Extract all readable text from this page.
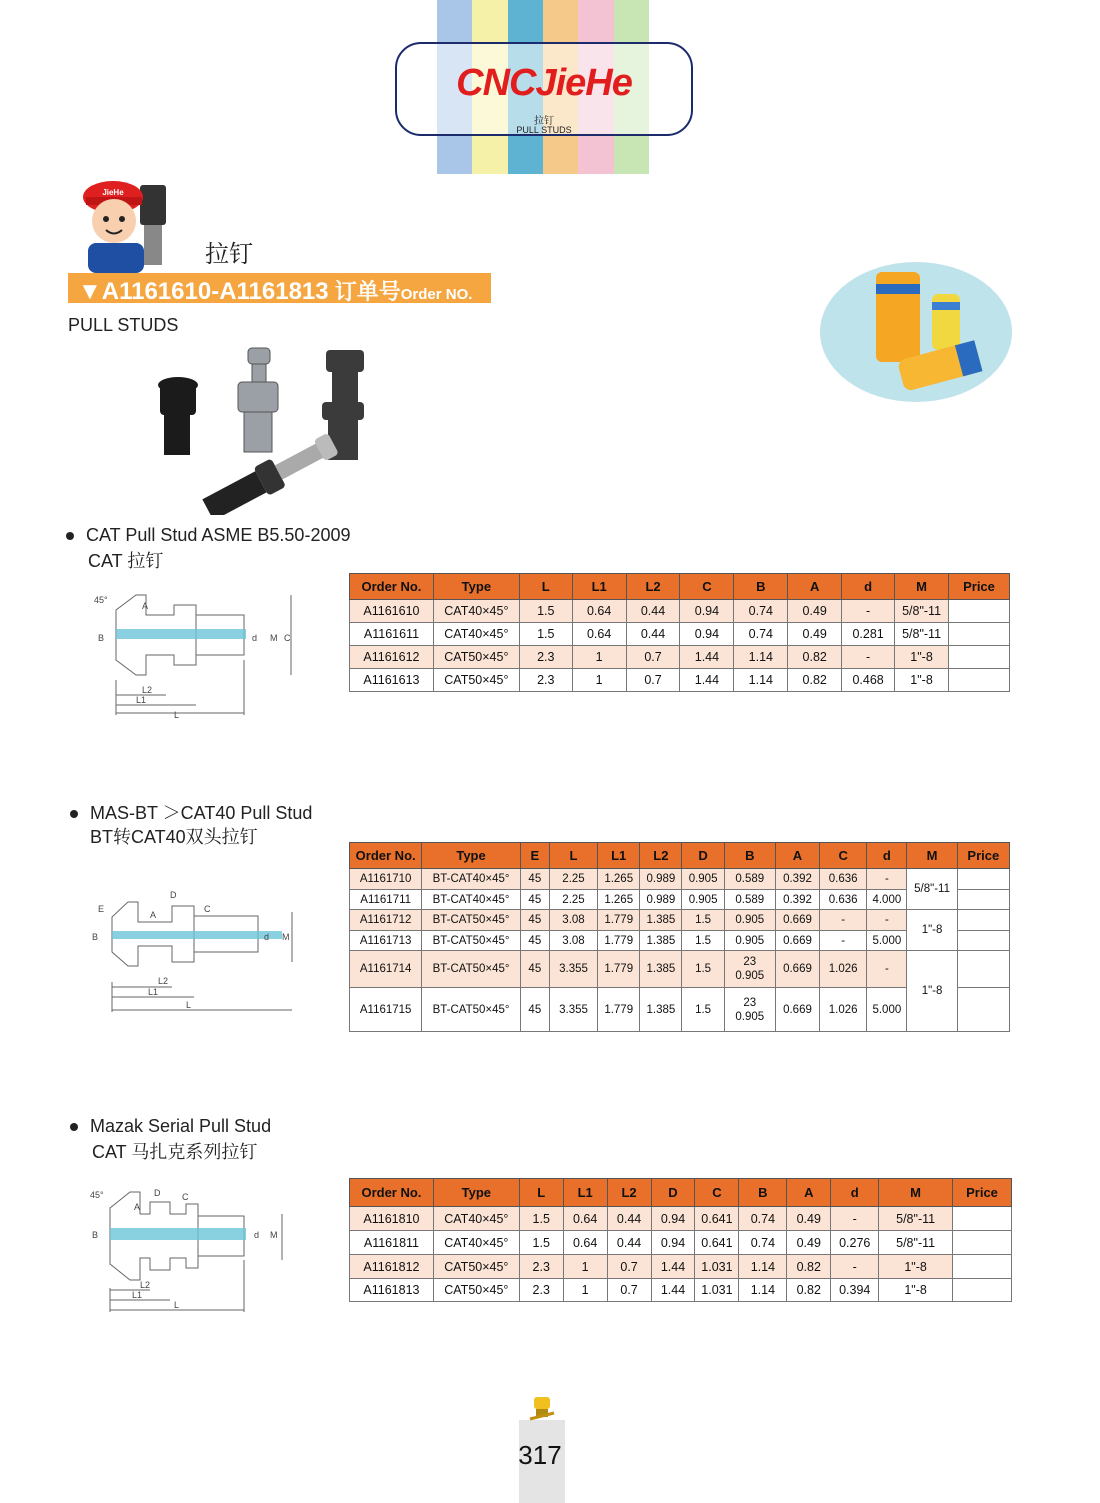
CNCJieHe
拉钉
PULL STUDS
JieHe
拉钉
▼A1161610-A1161813 订单号Order NO.
PULL STUDS
CAT Pull Stud ASME B5.50-2009
CAT 拉钉
45°
B
A
d M C
L2
L1
L
Order No.	Type	L	L1	L2	C	B	A	d	M	Price
A1161610	CAT40×45°	1.5	0.64	0.44	0.94	0.74	0.49	-	5/8"-11	
A1161611	CAT40×45°	1.5	0.64	0.44	0.94	0.74	0.49	0.281	5/8"-11	
A1161612	CAT50×45°	2.3	1	0.7	1.44	1.14	0.82	-	1"-8	
A1161613	CAT50×45°	2.3	1	0.7	1.44	1.14	0.82	0.468	1"-8	
MAS-BT ＞CAT40 Pull Stud
BT转CAT40双头拉钉
E
B
A
D
C
d M
L2
L1
L
Order No.	Type	E	L	L1	L2	D	B	A	C	d	M	Price
A1161710	BT-CAT40×45°	45	2.25	1.265	0.989	0.905	0.589	0.392	0.636	-	5/8"-11	
A1161711	BT-CAT40×45°	45	2.25	1.265	0.989	0.905	0.589	0.392	0.636	4.000		
A1161712	BT-CAT50×45°	45	3.08	1.779	1.385	1.5	0.905	0.669	-	-	1"-8	
A1161713	BT-CAT50×45°	45	3.08	1.779	1.385	1.5	0.905	0.669	-	5.000		
A1161714	BT-CAT50×45°	45	3.355	1.779	1.385	1.5	23
0.905	0.669	1.026	-	1"-8	
A1161715	BT-CAT50×45°	45	3.355	1.779	1.385	1.5	23
0.905	0.669	1.026	5.000		
Mazak Serial Pull Stud
CAT 马扎克系列拉钉
45°
B
A
D C
d M
L2
L1
L
Order No.	Type	L	L1	L2	D	C	B	A	d	M	Price
A1161810	CAT40×45°	1.5	0.64	0.44	0.94	0.641	0.74	0.49	-	5/8"-11	
A1161811	CAT40×45°	1.5	0.64	0.44	0.94	0.641	0.74	0.49	0.276	5/8"-11	
A1161812	CAT50×45°	2.3	1	0.7	1.44	1.031	1.14	0.82	-	1"-8	
A1161813	CAT50×45°	2.3	1	0.7	1.44	1.031	1.14	0.82	0.394	1"-8	
317
